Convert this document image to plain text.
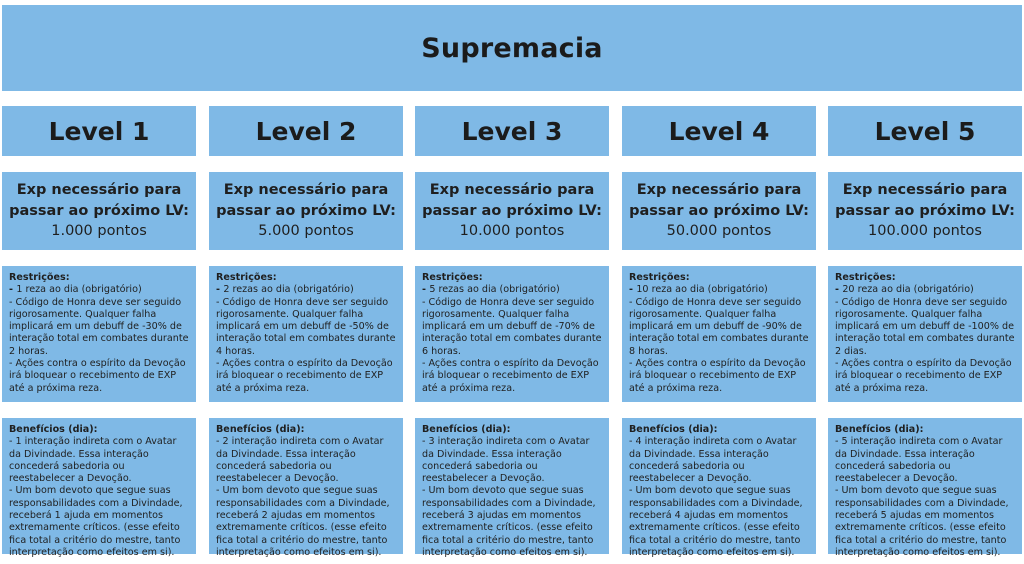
Supremacia
Level 1
Exp necessário para passar ao próximo LV:
1.000 pontos
Restrições:
- 1 reza ao dia (obrigatório)
- Código de Honra deve ser seguido rigorosamente. Qualquer falha implicará em um debuff de -30% de interação total em combates durante 2 horas.
- Ações contra o espírito da Devoção irá bloquear o recebimento de EXP até a próxima reza.
Benefícios (dia):
- 1 interação indireta com o Avatar da Divindade. Essa interação concederá sabedoria ou reestabelecer a Devoção.
- Um bom devoto que segue suas responsabilidades com a Divindade, receberá 1 ajuda em momentos extremamente críticos. (esse efeito fica total a critério do mestre, tanto interpretação como efeitos em si).
Level 2
Exp necessário para passar ao próximo LV:
5.000 pontos
Restrições:
- 2 rezas ao dia (obrigatório)
- Código de Honra deve ser seguido rigorosamente. Qualquer falha implicará em um debuff de -50% de interação total em combates durante 4 horas.
- Ações contra o espírito da Devoção irá bloquear o recebimento de EXP até a próxima reza.
Benefícios (dia):
- 2 interação indireta com o Avatar da Divindade. Essa interação concederá sabedoria ou reestabelecer a Devoção.
- Um bom devoto que segue suas responsabilidades com a Divindade, receberá 2 ajudas em momentos extremamente críticos. (esse efeito fica total a critério do mestre, tanto interpretação como efeitos em si).
Level 3
Exp necessário para passar ao próximo LV:
10.000 pontos
Restrições:
- 5 rezas ao dia (obrigatório)
- Código de Honra deve ser seguido rigorosamente. Qualquer falha implicará em um debuff de -70% de interação total em combates durante 6 horas.
- Ações contra o espírito da Devoção irá bloquear o recebimento de EXP até a próxima reza.
Benefícios (dia):
- 3 interação indireta com o Avatar da Divindade. Essa interação concederá sabedoria ou reestabelecer a Devoção.
- Um bom devoto que segue suas responsabilidades com a Divindade, receberá 3 ajudas em momentos extremamente críticos. (esse efeito fica total a critério do mestre, tanto interpretação como efeitos em si).
Level 4
Exp necessário para passar ao próximo LV:
50.000 pontos
Restrições:
- 10 reza ao dia (obrigatório)
- Código de Honra deve ser seguido rigorosamente. Qualquer falha implicará em um debuff de -90% de interação total em combates durante 8 horas.
- Ações contra o espírito da Devoção irá bloquear o recebimento de EXP até a próxima reza.
Benefícios (dia):
- 4 interação indireta com o Avatar da Divindade. Essa interação concederá sabedoria ou reestabelecer a Devoção.
- Um bom devoto que segue suas responsabilidades com a Divindade, receberá 4 ajudas em momentos extremamente críticos. (esse efeito fica total a critério do mestre, tanto interpretação como efeitos em si).
Level 5
Exp necessário para passar ao próximo LV:
100.000 pontos
Restrições:
- 20 reza ao dia (obrigatório)
- Código de Honra deve ser seguido rigorosamente. Qualquer falha implicará em um debuff de -100% de interação total em combates durante 2 dias.
- Ações contra o espírito da Devoção irá bloquear o recebimento de EXP até a próxima reza.
Benefícios (dia):
- 5 interação indireta com o Avatar da Divindade. Essa interação concederá sabedoria ou reestabelecer a Devoção.
- Um bom devoto que segue suas responsabilidades com a Divindade, receberá 5 ajudas em momentos extremamente críticos. (esse efeito fica total a critério do mestre, tanto interpretação como efeitos em si).
